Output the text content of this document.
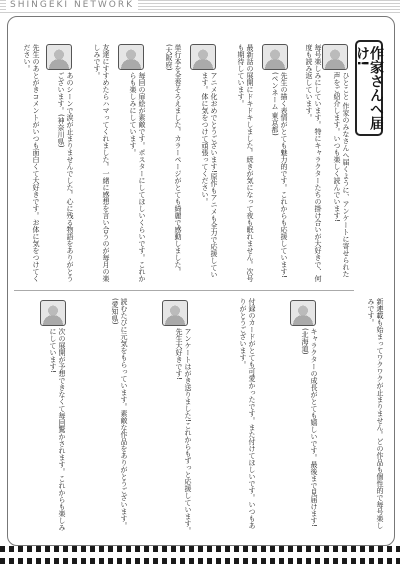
SHINGEKI NETWORK
作家さんへ届け!
ひとこと 作家のみなさんへ届くように、アンケートに寄せられた声をご紹介します。いつも楽しく読んでいます!
毎号楽しみにしています。特にキャラクターたちの掛け合いが大好きで、何度も読み返しています。
先生の描く表情がとても魅力的です。これからも応援しています!(ペンネーム 東京都)
最新話の展開にドキドキしました。続きが気になって夜も眠れません。次号も期待しています。
アニメ化おめでとうございます!原作もアニメも全力で応援しています。体に気をつけて頑張ってください。
単行本を全巻そろえました。カラーページがとても綺麗で感動しました。(大阪府)
毎回の扉絵が素敵です。ポスターにしてほしいくらいです。これからも楽しみにしています。
友達にすすめたらハマってくれました。一緒に感想を言い合うのが毎月の楽しみです。
あのシーンで涙が止まりませんでした。心に残る物語をありがとうございます。(神奈川県)
先生のあとがきコメントがいつも面白くて大好きです。お体に気をつけてください。
新連載も始まってワクワクが止まりません。どの作品も個性的で毎号楽しみです。
キャラクターの成長がとても嬉しいです。最後まで見届けます!(北海道)
付録のカードがとても可愛かったです。また付けてほしいです。いつもありがとうございます。
アンケートはがき送りました!これからもずっと応援しています。先生大好きです!
読むたびに元気をもらっています。素敵な作品をありがとうございます。(愛知県)
次の展開が予想できなくて毎回驚かされます。これからも楽しみにしています!
